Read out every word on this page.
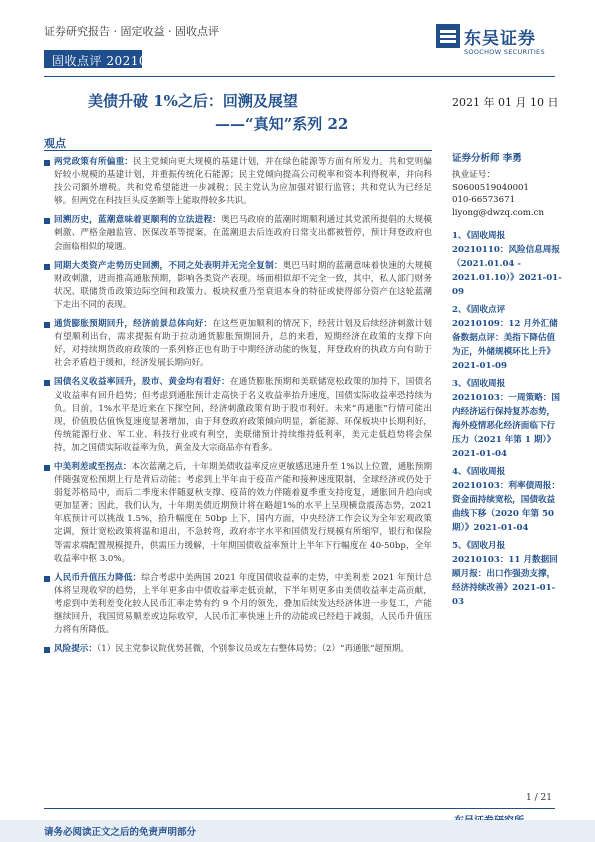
证券研究报告 · 固定收益 · 固收点评	东吴证券
SOOCHOW SECURITIES
固收点评 20210110
美债升破 1%之后：回溯及展望
——“真知”系列 22
2021 年 01 月 10 日
观点

两党政策有所偏重：民主党倾向更大规模的基建计划，并在绿色能源等方面有所发力。共和党则偏好较小规模的基建计划，并重振传统化石能源；民主党倾向提高公司税率和资本利得税率，并向科技公司额外增税。共和党希望能进一步减税；民主党认为应加强对银行监管；共和党认为已经足够。但两党在科技巨头反垄断等上能取得较多共识。

回溯历史，蓝潮意味着更顺利的立法进程：奥巴马政府的蓝潮时期顺利通过其党派所提倡的大规模刺激、严格金融监管、医保改革等提案，在蓝潮退去后连政府日常支出都被暂停，预计拜登政府也会面临相似的境遇。

同期大类资产走势历史回溯，不同之处表明并无完全复制：奥巴马时期的蓝潮意味着快速的大规模财政刺激，进而推高通胀预期，影响各类资产表现。场面相似却不完全一致，其中，私人部门财务状况、联储货币政策边际空间和政策力、板块权重乃至衰退本身的特征或使得部分资产在这轮蓝潮下走出不同的表现。

通货膨胀预期回升，经济前景总体向好：在这些更加顺利的情况下，经营计划及后续经济刺激计划有望顺利出台，需求提振有助于拉动通货膨胀预期回升，总的来看，短期经济在政策的支撑下向好，对持续期货政府政策的一系列修正也有助于中期经济动能的恢复，拜登政府的执政方向有助于社会矛盾趋于缓和，经济发展长期向好。

国债名义收益率回升，股市、黄金均有看好：在通货膨胀预期和美联储宽松政策的加持下，国债名义收益率有回升趋势；但考虑到通胀预计走高快于名义收益率抬升速度，国债实际收益率恐持续为负。目前，1%水平是近来在下探空间，经济刺激政策有助于股市利好。未来“再通胀”行情可能出现，价值股估值恢复速度显著增加，由于拜登政府政策倾向明显，新能源、环保板块中长期利好，传统能源行业、军工业、科技行业或有利空，美联储预计持续维持低利率，美元走低趋势将会保持，加之国债实际收益率为负，黄金及大宗商品亦有看多。

中美利差或至拐点：本次蓝潮之后，十年期美债收益率反应更敏感迅速升至 1%以上位置，通胀预期伴随强宽松预期上行是背后动能；考虑到上半年由于疫苗产能和接种速度限制，全球经济或仍处于弱复苏格局中，而后二季度末伴随夏秋支撑、疫苗的效力伴随着夏季重支持度复，通胀回升趋向或更加显著；因此，我们认为，十年期美债近期预计将在略超1%的水平上呈现横盘震荡态势，2021 年底预计可以挑战 1.5%，拾升幅度在 50bp 上下，国内方面，中央经济工作会议为全年宏观政策定调，预计宽松政策将温和退出，不急转弯，政府赤字水平和国债发行规模有所缩窄，银行和保险等需求端配置规模提升，供需压力缓解，十年期国债收益率预计上半年下行幅度在 40-50bp，全年收益率中枢 3.0%。

人民币升值压力降低：综合考虑中美两国 2021 年度国债收益率的走势，中美利差 2021 年预计总体将呈现收窄的趋势，上半年更多由中债收益率走低贡献，下半年则更多由美债收益率走高贡献，考虑到中美利差变化较人民币汇率走势有约 9 个月的领先，叠加后续发达经济体进一步复工，产能继续回升，我国贸易顺差或边际收窄，人民币汇率快速上升的动能或已经趋于减弱，人民币升值压力将有所降低。

风险提示：（1）民主党参议院优势甚微，个别参议员或左右整体局势；（2）“再通胀”超预期。

证券分析师 李勇
执业证号：S0600519040001
010-66573671
liyong@dwzq.com.cn
1、《固收周报 20210110：风险信息周报（2021.01.04 - 2021.01.10）》2021-01-09
2、《固收点评 20210109：12 月外汇储备数据点评：美指下降估值为正，外储规模环比上升》2021-01-09
3、《固收周报 20210103：一周策略：国内经济运行保持复苏态势，海外疫情恶化经济面临下行压力（2021 年第 1 期）》2021-01-04
4、《固收周报 20210103：利率债周报：资金面持续宽松，国债收益曲线下移（2020 年第 50 期）》2021-01-04
5、《固收月报 20210103：11 月数据回顾月报：出口作强劲支撑，经济持续改善》2021-01-03
1 / 21
请务必阅读正文之后的免责声明部分
